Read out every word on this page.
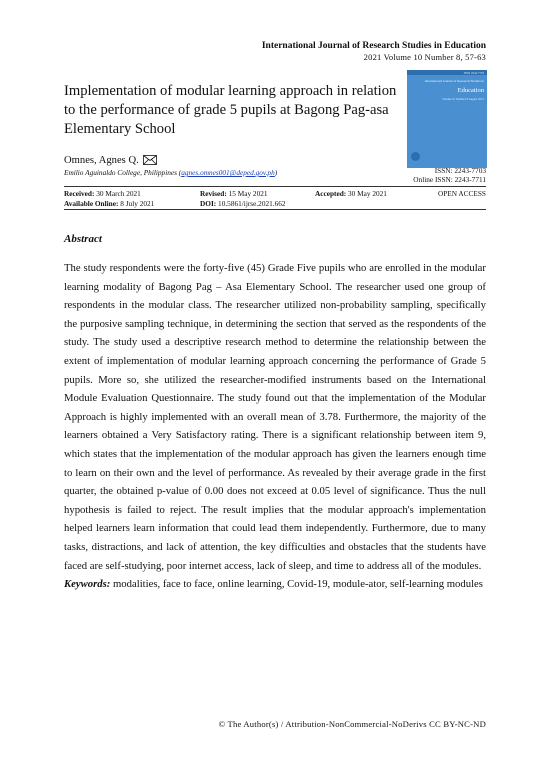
International Journal of Research Studies in Education
2021 Volume 10 Number 8, 57-63
Implementation of modular learning approach in relation to the performance of grade 5 pupils at Bagong Pag-asa Elementary School
ISSN 2243-7703
International Journal of Research Studies in
Education
Volume 10 Number 8 August 2021
Omnes, Agnes Q.
Emilio Aguinaldo College, Philippines (agnes.omnes001@deped.gov.ph)	ISSN: 2243-7703
Online ISSN: 2243-7711
Received: 30 March 2021	Revised: 15 May 2021	Accepted: 30 May 2021	OPEN ACCESS
Available Online: 8 July 2021	DOI: 10.5861/ijrse.2021.662
Abstract
The study respondents were the forty-five (45) Grade Five pupils who are enrolled in the modular learning modality of Bagong Pag – Asa Elementary School. The researcher used one group of respondents in the modular class. The researcher utilized non-probability sampling, specifically the purposive sampling technique, in determining the section that served as the respondents of the study. The study used a descriptive research method to determine the relationship between the extent of implementation of modular learning approach concerning the performance of Grade 5 pupils. More so, she utilized the researcher-modified instruments based on the International Module Evaluation Questionnaire. The study found out that the implementation of the Modular Approach is highly implemented with an overall mean of 3.78. Furthermore, the majority of the learners obtained a Very Satisfactory rating. There is a significant relationship between item 9, which states that the implementation of the modular approach has given the learners enough time to learn on their own and the level of performance. As revealed by their average grade in the first quarter, the obtained p-value of 0.00 does not exceed at 0.05 level of significance. Thus the null hypothesis is failed to reject. The result implies that the modular approach's implementation helped learners learn information that could lead them independently. Furthermore, due to many tasks, distractions, and lack of attention, the key difficulties and obstacles that the students have faced are self-studying, poor internet access, lack of sleep, and time to address all of the modules.
Keywords: modalities, face to face, online learning, Covid-19, module-ator, self-learning modules
© The Author(s) / Attribution-NonCommercial-NoDerivs CC BY-NC-ND
